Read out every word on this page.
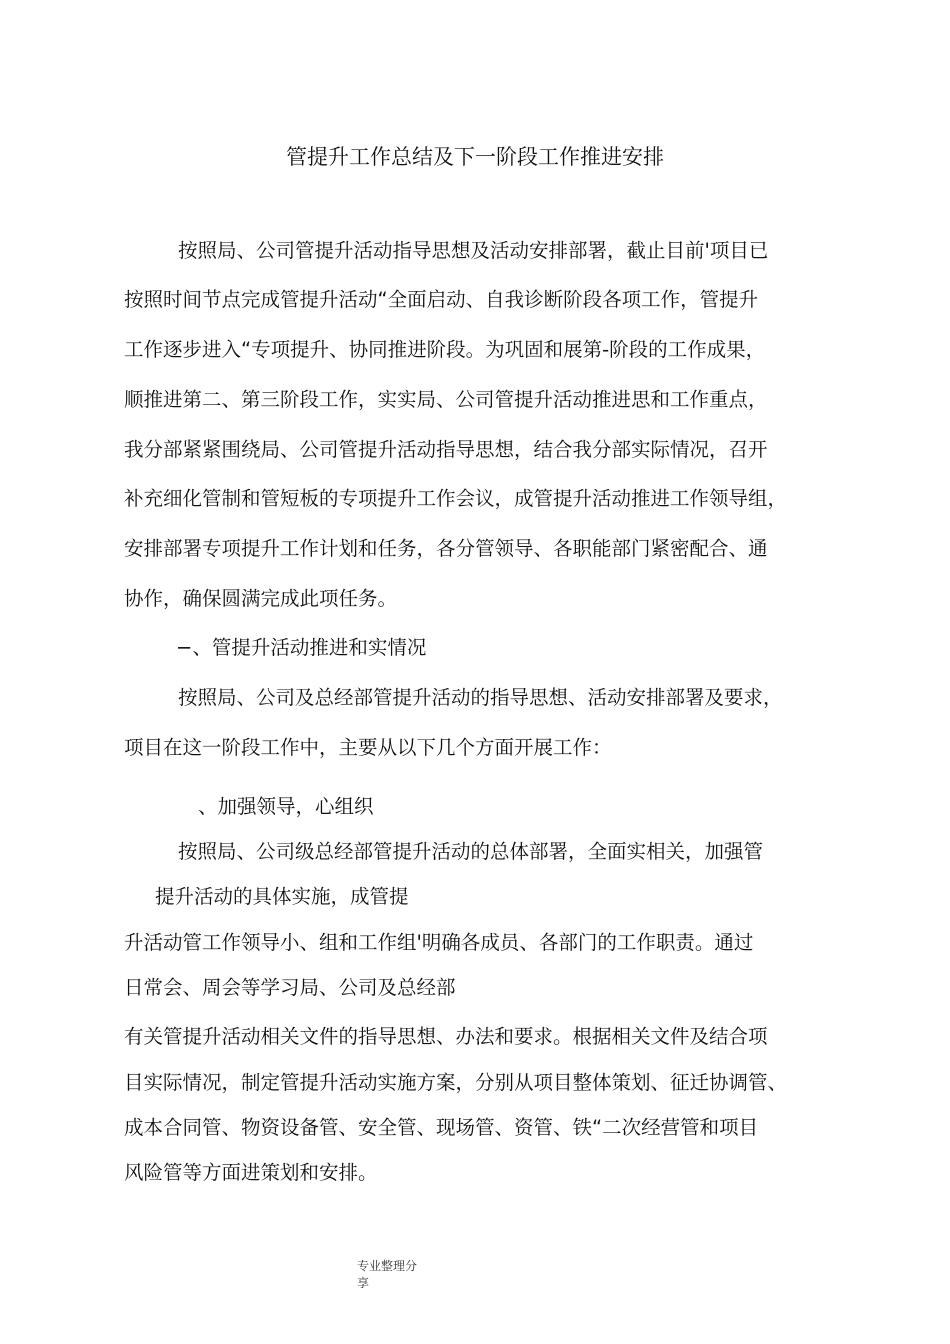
管提升工作总结及下一阶段工作推进安排
按照局、公司管提升活动指导思想及活动安排部署，截止目前'项目已
按照时间节点完成管提升活动“全面启动、自我诊断阶段各项工作，管提升
工作逐步进入“专项提升、协同推进阶段。为巩固和展第-阶段的工作成果，
顺推进第二、第三阶段工作，实实局、公司管提升活动推进思和工作重点，
我分部紧紧围绕局、公司管提升活动指导思想，结合我分部实际情况，召开
补充细化管制和管短板的专项提升工作会议，成管提升活动推进工作领导组，
安排部署专项提升工作计划和任务，各分管领导、各职能部门紧密配合、通
协作，确保圆满完成此项任务。
−、管提升活动推进和实情况
按照局、公司及总经部管提升活动的指导思想、活动安排部署及要求，
项目在这一阶段工作中，主要从以下几个方面开展工作：
、加强领导，心组织
按照局、公司级总经部管提升活动的总体部署，全面实相关，加强管
提升活动的具体实施，成管提
升活动管工作领导小、组和工作组'明确各成员、各部门的工作职责。通过
日常会、周会等学习局、公司及总经部
有关管提升活动相关文件的指导思想、办法和要求。根据相关文件及结合项
目实际情况，制定管提升活动实施方案，分别从项目整体策划、征迁协调管、
成本合同管、物资设备管、安全管、现场管、资管、铁“二次经营管和项目
风险管等方面进策划和安排。
专业整理分
享
